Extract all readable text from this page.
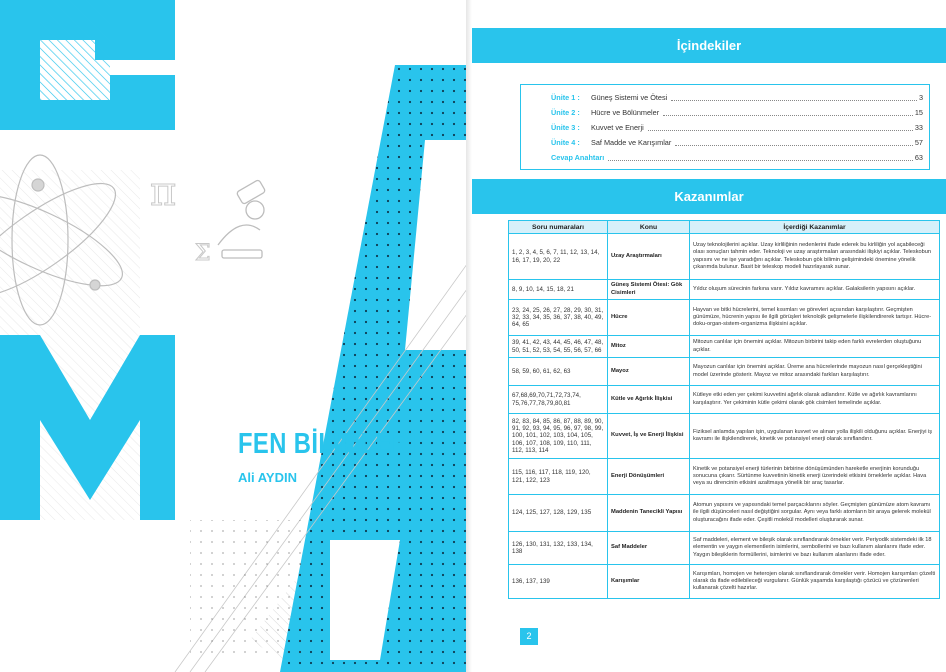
π
Σ
FEN BİLİMLERİ
Ali AYDIN
İçindekiler
Ünite 1 :	Güneş Sistemi ve Ötesi	3
Ünite 2 :	Hücre ve Bölünmeler	15
Ünite 3 :	Kuvvet ve Enerji	33
Ünite 4 :	Saf Madde ve Karışımlar	57
Cevap Anahtarı	63
Kazanımlar
Soru numaraları	Konu	İçerdiği Kazanımlar
1, 2, 3, 4, 5, 6, 7, 11, 12, 13, 14, 16, 17, 19, 20, 22	Uzay Araştırmaları	Uzay teknolojilerini açıklar. Uzay kirliliğinin nedenlerini ifade ederek bu kirliliğin yol açabileceği olası sonuçları tahmin eder. Teknoloji ve uzay araştırmaları arasındaki ilişkiyi açıklar. Teleskobun yapısını ve ne işe yaradığını açıklar. Teleskobun gök bilimin gelişimindeki önemine yönelik çıkarımda bulunur. Basit bir teleskop modeli hazırlayarak sunar.
8, 9, 10, 14, 15, 18, 21	Güneş Sistemi Ötesi: Gök Cisimleri	Yıldız oluşum sürecinin farkına varır. Yıldız kavramını açıklar. Galaksilerin yapısını açıklar.
23, 24, 25, 26, 27, 28, 29, 30, 31, 32, 33, 34, 35, 36, 37, 38, 40, 49, 64, 65	Hücre	Hayvan ve bitki hücrelerini, temel kısımları ve görevleri açısından karşılaştırır. Geçmişten günümüze, hücrenin yapısı ile ilgili görüşleri teknolojik gelişmelerle ilişkilendirerek tartışır. Hücre-doku-organ-sistem-organizma ilişkisini açıklar.
39, 41, 42, 43, 44, 45, 46, 47, 48, 50, 51, 52, 53, 54, 55, 56, 57, 66	Mitoz	Mitozun canlılar için önemini açıklar. Mitozun birbirini takip eden farklı evrelerden oluştuğunu açıklar.
58, 59, 60, 61, 62, 63	Mayoz	Mayozun canlılar için önemini açıklar. Üreme ana hücrelerinde mayozun nasıl gerçekleştiğini model üzerinde gösterir. Mayoz ve mitoz arasındaki farkları karşılaştırır.
67,68,69,70,71,72,73,74, 75,76,77,78,79,80,81	Kütle ve Ağırlık İlişkisi	Kütleye etki eden yer çekimi kuvvetini ağırlık olarak adlandırır. Kütle ve ağırlık kavramlarını karşılaştırır. Yer çekiminin kütle çekimi olarak gök cisimleri temelinde açıklar.
82, 83, 84, 85, 86, 87, 88, 89, 90, 91, 92, 93, 94, 95, 96, 97, 98, 99, 100, 101, 102, 103, 104, 105, 106, 107, 108, 109, 110, 111, 112, 113, 114	Kuvvet, İş ve Enerji İlişkisi	Fiziksel anlamda yapılan işin, uygulanan kuvvet ve alınan yolla ilişkili olduğunu açıklar. Enerjiyi iş kavramı ile ilişkilendirerek, kinetik ve potansiyel enerji olarak sınıflandırır.
115, 116, 117, 118, 119, 120, 121, 122, 123	Enerji Dönüşümleri	Kinetik ve potansiyel enerji türlerinin birbirine dönüşümünden hareketle enerjinin korunduğu sonucuna çıkarır. Sürtünme kuvvetinin kinetik enerji üzerindeki etkisini örneklerle açıklar. Hava veya su direncinin etkisini azaltmaya yönelik bir araç tasarlar.
124, 125, 127, 128, 129, 135	Maddenin Tanecikli Yapısı	Atomun yapısını ve yapısındaki temel parçacıklarını söyler. Geçmişten günümüze atom kavramı ile ilgili düşünceleri nasıl değiştiğini sorgular. Aynı veya farklı atomların bir araya gelerek molekül oluşturacağını ifade eder. Çeşitli molekül modelleri oluşturarak sunar.
126, 130, 131, 132, 133, 134, 138	Saf Maddeler	Saf maddeleri, element ve bileşik olarak sınıflandırarak örnekler verir. Periyodik sistemdeki ilk 18 elementin ve yaygın elementlerin isimlerini, sembollerini ve bazı kullanım alanlarını ifade eder. Yaygın bileşiklerin formüllerini, isimlerini ve bazı kullanım alanlarını ifade eder.
136, 137, 139	Karışımlar	Karışımları, homojen ve heterojen olarak sınıflandırarak örnekler verir. Homojen karışımları çözelti olarak da ifade edilebileceği vurgulanır. Günlük yaşamda karşılaştığı çözücü ve çözünenleri kullanarak çözelti hazırlar.
2
